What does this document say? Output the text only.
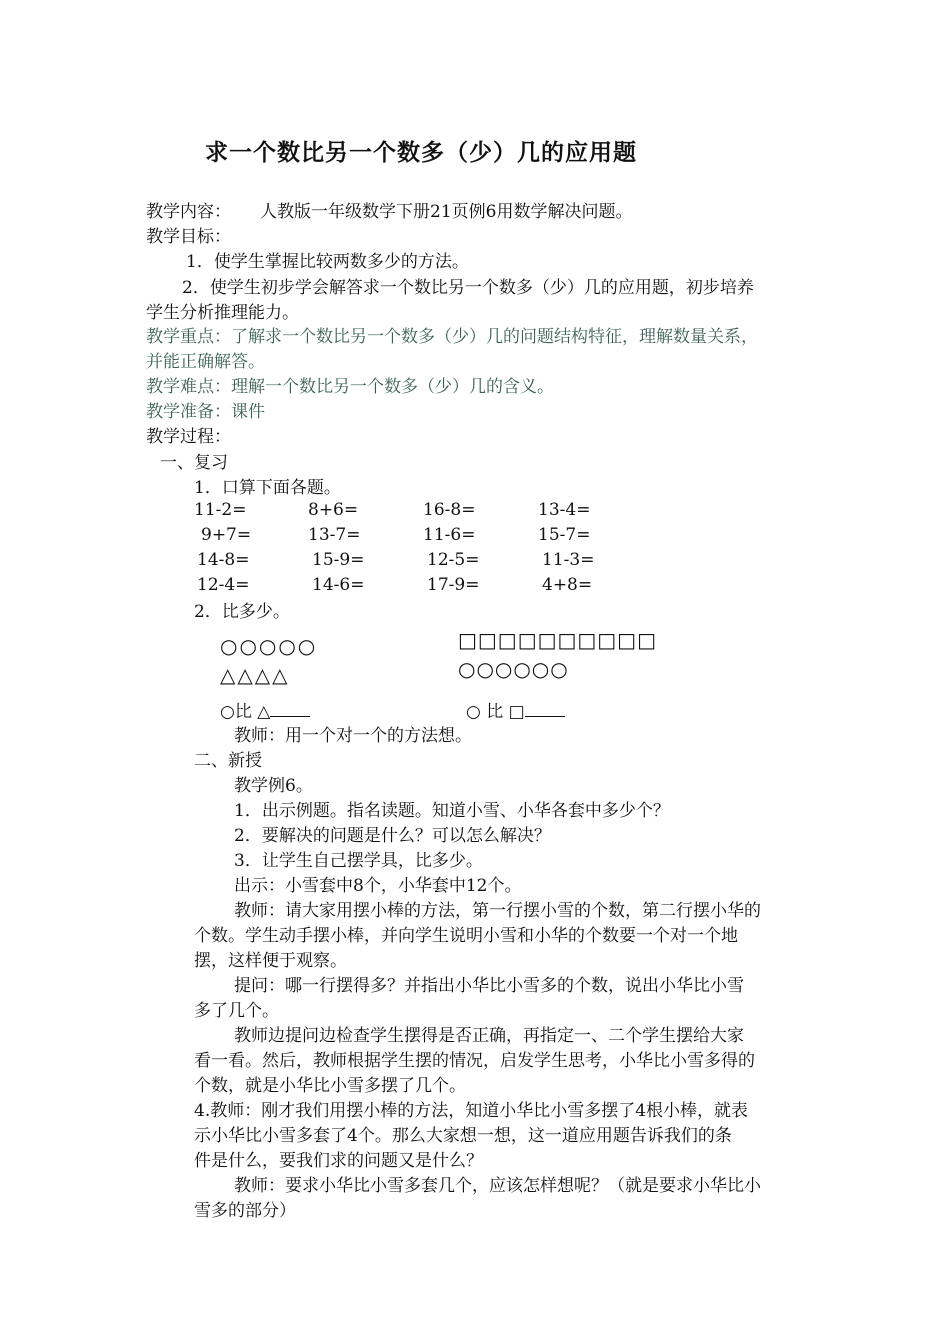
求一个数比另一个数多（少）几的应用题
教学内容： 人教版一年级数学下册21页例6用数学解决问题。
教学目标：
1．使学生掌握比较两数多少的方法。
2．使学生初步学会解答求一个数比另一个数多（少）几的应用题，初步培养
学生分析推理能力。
教学重点：了解求一个数比另一个数多（少）几的问题结构特征，理解数量关系，
并能正确解答。
教学难点：理解一个数比另一个数多（少）几的含义。
教学准备：课件
教学过程：
一、复习
1．口算下面各题。
11-2=	8+6=	16-8=	13-4=
9+7=	13-7=	11-6=	15-7=
14-8=	15-9=	12-5=	11-3=
12-4=	14-6=	17-9=	4+8=
2．比多少。
○○○○○
△△△△
□□□□□□□□□□
○○○○○○
○比 △	○ 比 □
教师：用一个对一个的方法想。
二、新授
教学例6。
1．出示例题。指名读题。知道小雪、小华各套中多少个？
2．要解决的问题是什么？可以怎么解决？
3．让学生自己摆学具，比多少。
出示：小雪套中8个，小华套中12个。
教师：请大家用摆小棒的方法，第一行摆小雪的个数，第二行摆小华的
个数。学生动手摆小棒，并向学生说明小雪和小华的个数要一个对一个地
摆，这样便于观察。
提问：哪一行摆得多？并指出小华比小雪多的个数，说出小华比小雪
多了几个。
教师边提问边检查学生摆得是否正确，再指定一、二个学生摆给大家
看一看。然后，教师根据学生摆的情况，启发学生思考，小华比小雪多得的
个数，就是小华比小雪多摆了几个。
4.教师：刚才我们用摆小棒的方法，知道小华比小雪多摆了4根小棒，就表
示小华比小雪多套了4个。那么大家想一想，这一道应用题告诉我们的条
件是什么，要我们求的问题又是什么？
教师：要求小华比小雪多套几个，应该怎样想呢？（就是要求小华比小
雪多的部分）
